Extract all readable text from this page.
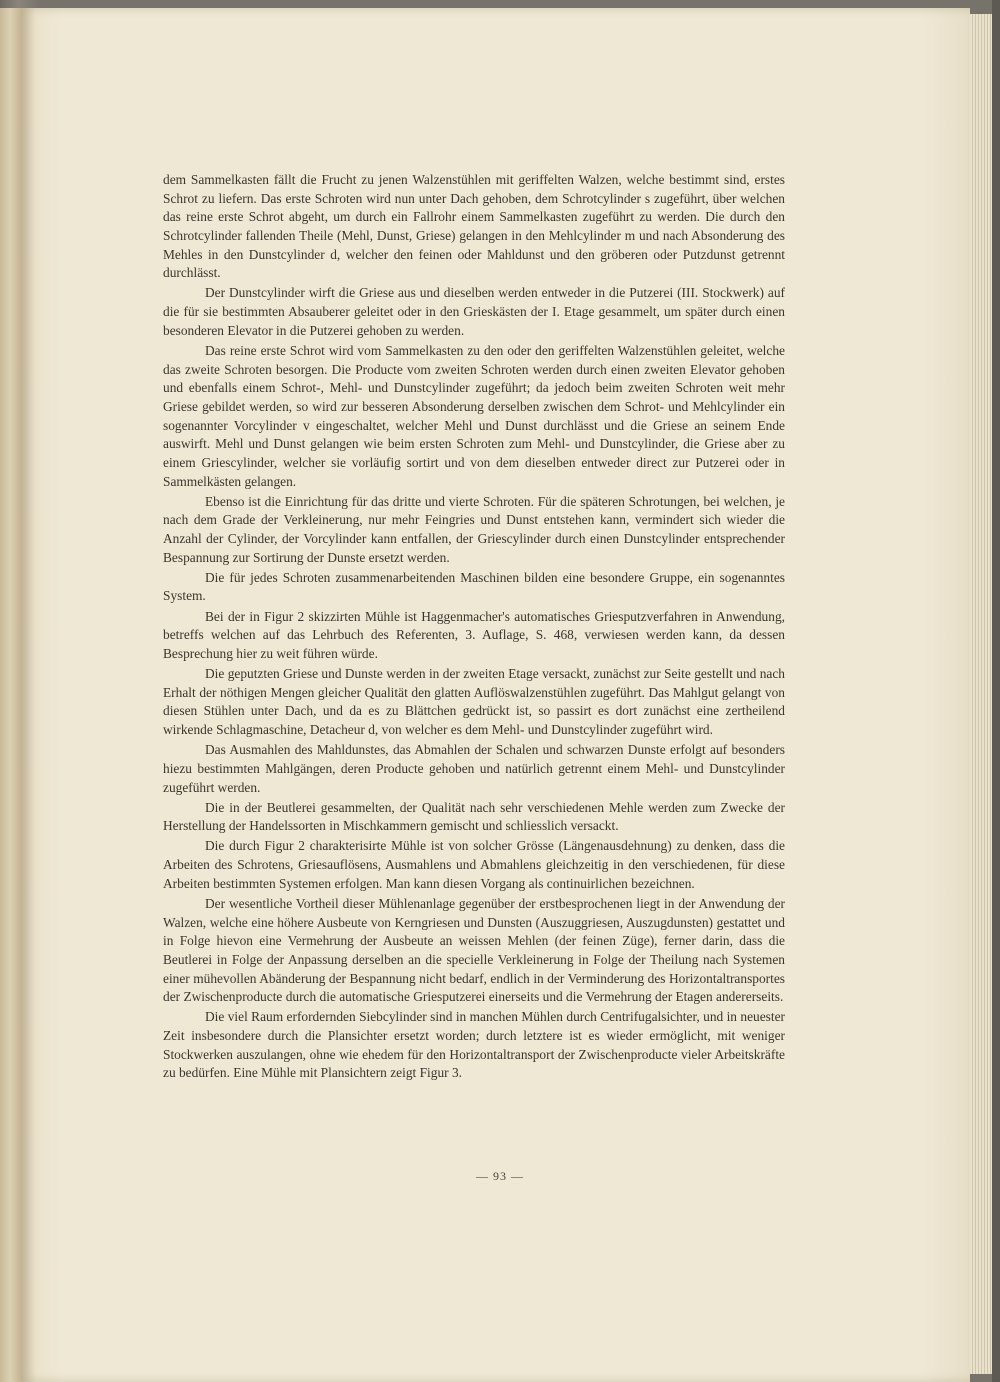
dem Sammelkasten fällt die Frucht zu jenen Walzenstühlen mit geriffelten Walzen, welche bestimmt sind, erstes Schrot zu liefern. Das erste Schroten wird nun unter Dach gehoben, dem Schrotcylinder s zugeführt, über welchen das reine erste Schrot abgeht, um durch ein Fallrohr einem Sammelkasten zugeführt zu werden. Die durch den Schrotcylinder fallenden Theile (Mehl, Dunst, Griese) gelangen in den Mehlcylinder m und nach Absonderung des Mehles in den Dunstcylinder d, welcher den feinen oder Mahldunst und den gröberen oder Putzdunst getrennt durchlässt.

Der Dunstcylinder wirft die Griese aus und dieselben werden entweder in die Putzerei (III. Stockwerk) auf die für sie bestimmten Absauberer geleitet oder in den Grieskästen der I. Etage gesammelt, um später durch einen besonderen Elevator in die Putzerei gehoben zu werden.

Das reine erste Schrot wird vom Sammelkasten zu den oder den geriffelten Walzenstühlen geleitet, welche das zweite Schroten besorgen. Die Producte vom zweiten Schroten werden durch einen zweiten Elevator gehoben und ebenfalls einem Schrot-, Mehl- und Dunstcylinder zugeführt; da jedoch beim zweiten Schroten weit mehr Griese gebildet werden, so wird zur besseren Absonderung derselben zwischen dem Schrot- und Mehlcylinder ein sogenannter Vorcylinder v eingeschaltet, welcher Mehl und Dunst durchlässt und die Griese an seinem Ende auswirft. Mehl und Dunst gelangen wie beim ersten Schroten zum Mehl- und Dunstcylinder, die Griese aber zu einem Griescylinder, welcher sie vorläufig sortirt und von dem dieselben entweder direct zur Putzerei oder in Sammelkästen gelangen.

Ebenso ist die Einrichtung für das dritte und vierte Schroten. Für die späteren Schrotungen, bei welchen, je nach dem Grade der Verkleinerung, nur mehr Feingries und Dunst entstehen kann, vermindert sich wieder die Anzahl der Cylinder, der Vorcylinder kann entfallen, der Griescylinder durch einen Dunstcylinder entsprechender Bespannung zur Sortirung der Dunste ersetzt werden.

Die für jedes Schroten zusammenarbeitenden Maschinen bilden eine besondere Gruppe, ein sogenanntes System.

Bei der in Figur 2 skizzirten Mühle ist Haggenmacher's automatisches Griesputzverfahren in Anwendung, betreffs welchen auf das Lehrbuch des Referenten, 3. Auflage, S. 468, verwiesen werden kann, da dessen Besprechung hier zu weit führen würde.

Die geputzten Griese und Dunste werden in der zweiten Etage versackt, zunächst zur Seite gestellt und nach Erhalt der nöthigen Mengen gleicher Qualität den glatten Auflöswalzenstühlen zugeführt. Das Mahlgut gelangt von diesen Stühlen unter Dach, und da es zu Blättchen gedrückt ist, so passirt es dort zunächst eine zertheilend wirkende Schlagmaschine, Detacheur d, von welcher es dem Mehl- und Dunstcylinder zugeführt wird.

Das Ausmahlen des Mahldunstes, das Abmahlen der Schalen und schwarzen Dunste erfolgt auf besonders hiezu bestimmten Mahlgängen, deren Producte gehoben und natürlich getrennt einem Mehl- und Dunstcylinder zugeführt werden.

Die in der Beutlerei gesammelten, der Qualität nach sehr verschiedenen Mehle werden zum Zwecke der Herstellung der Handelssorten in Mischkammern gemischt und schliesslich versackt.

Die durch Figur 2 charakterisirte Mühle ist von solcher Grösse (Längenausdehnung) zu denken, dass die Arbeiten des Schrotens, Griesauflösens, Ausmahlens und Abmahlens gleichzeitig in den verschiedenen, für diese Arbeiten bestimmten Systemen erfolgen. Man kann diesen Vorgang als continuirlichen bezeichnen.

Der wesentliche Vortheil dieser Mühlenanlage gegenüber der erstbesprochenen liegt in der Anwendung der Walzen, welche eine höhere Ausbeute von Kerngriesen und Dunsten (Auszuggriesen, Auszugdunsten) gestattet und in Folge hievon eine Vermehrung der Ausbeute an weissen Mehlen (der feinen Züge), ferner darin, dass die Beutlerei in Folge der Anpassung derselben an die specielle Verkleinerung in Folge der Theilung nach Systemen einer mühevollen Abänderung der Bespannung nicht bedarf, endlich in der Verminderung des Horizontaltransportes der Zwischenproducte durch die automatische Griesputzerei einerseits und die Vermehrung der Etagen andererseits.

Die viel Raum erfordernden Siebcylinder sind in manchen Mühlen durch Centrifugalsichter, und in neuester Zeit insbesondere durch die Plansichter ersetzt worden; durch letztere ist es wieder ermöglicht, mit weniger Stockwerken auszulangen, ohne wie ehedem für den Horizontaltransport der Zwischenproducte vieler Arbeitskräfte zu bedürfen. Eine Mühle mit Plansichtern zeigt Figur 3.

— 93 —
